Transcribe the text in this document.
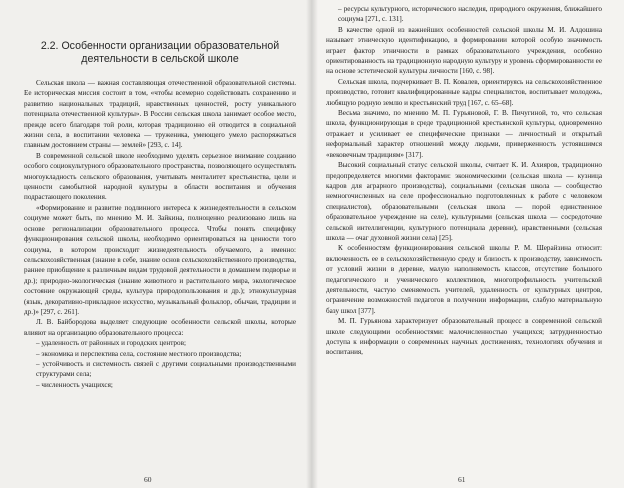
2.2. Особенности организации образовательной
деятельности в сельской школе

Сельская школа — важная составляющая отечественной образовательной системы. Ее историческая миссия состоит в том, «чтобы всемерно содействовать сохранению и развитию национальных традиций, нравственных ценностей, росту уникального потенциала отечественной культуры». В России сельская школа занимает особое место, прежде всего благодаря той роли, которая традиционно ей отводится в социальной жизни села, в воспитании человека — труженика, умеющего умело распоряжаться главным достоянием страны — землей» [293, с. 14].

В современной сельской школе необходимо уделять серьезное внимание созданию особого социокультурного образовательного пространства, позволяющего осуществлять многоукладность сельского образования, учитывать менталитет крестьянства, цели и ценности самобытной народной культуры в области воспитания и обучения подрастающего поколения.

«Формирование и развитие подлинного интереса к жизнедеятельности в сельском социуме может быть, по мнению М. И. Зайкина, полноценно реализовано лишь на основе регионализации образовательного процесса. Чтобы понять специфику функционирования сельской школы, необходимо ориентироваться на ценности того социума, в котором происходит жизнедеятельность обучаемого, а именно: сельскохозяйственная (знание в себе, знание основ сельскохозяйственного производства, раннее приобщение к различным видам трудовой деятельности в домашнем подворье и др.); природно-экологическая (знание животного и растительного мира, экологическое состояние окружающей среды, культура природопользования и др.); этнокультурная (язык, декоративно-прикладное искусство, музыкальный фольклор, обычаи, традиции и др.)» [297, с. 261].

Л. В. Байбородова выделяет следующие особенности сельской школы, которые влияют на организацию образовательного процесса:

– удаленность от районных и городских центров;

– экономика и перспектива села, состояние местного производства;

– устойчивость и системность связей с другими социальными производственными структурами села;

– численность учащихся;

60

– ресурсы культурного, исторического наследия, природного окружения, ближайшего социума [271, с. 131].

В качестве одной из важнейших особенностей сельской школы М. И. Алдошина называет этническую идентификацию, в формировании которой особую значимость играет фактор этничности в рамках образовательного учреждения, особенно ориентированность на традиционную народную культуру и уровень сформированности ее на основе эстетической культуры личности [160, с. 98].

Сельская школа, подчеркивает В. П. Ковалев, ориентируясь на сельскохозяйственное производство, готовит квалифицированные кадры специалистов, воспитывает молодежь, любящую родную землю и крестьянский труд [167, с. 65–68].

Весьма значимо, по мнению М. П. Гурьяновой, Г. В. Пичугиной, то, что сельская школа, функционирующая в среде традиционной крестьянской культуры, одновременно отражает и усиливает ее специфические признаки — личностный и открытый неформальный характер отношений между людьми, приверженность устоявшимся «вековечным традициям» [317].

Высокий социальный статус сельской школы, считает К. И. Ахияров, традиционно предопределяется многими факторами: экономическими (сельская школа — кузница кадров для аграрного производства), социальными (сельская школа — сообщество немногочисленных на селе профессионально подготовленных к работе с человеком специалистов), образовательными (сельская школа — порой единственное образовательное учреждение на селе), культурными (сельская школа — сосредоточие сельской интеллигенции, культурного потенциала деревни), нравственными (сельская школа — очаг духовной жизни села) [25].

К особенностям функционирования сельской школы Р. М. Шерайзина относит: включенность ее в сельскохозяйственную среду и близость к производству, зависимость от условий жизни в деревне, малую наполняемость классов, отсутствие большого педагогического и ученического коллективов, многопрофильность учительской деятельности, частую сменяемость учителей, удаленность от культурных центров, ограничение возможностей педагогов в получении информации, слабую материальную базу школ [377].

М. П. Гурьянова характеризует образовательный процесс в современной сельской школе следующими особенностями: малочисленностью учащихся; затрудненностью доступа к информации о современных научных достижениях, технологиях обучения и воспитания,

61
